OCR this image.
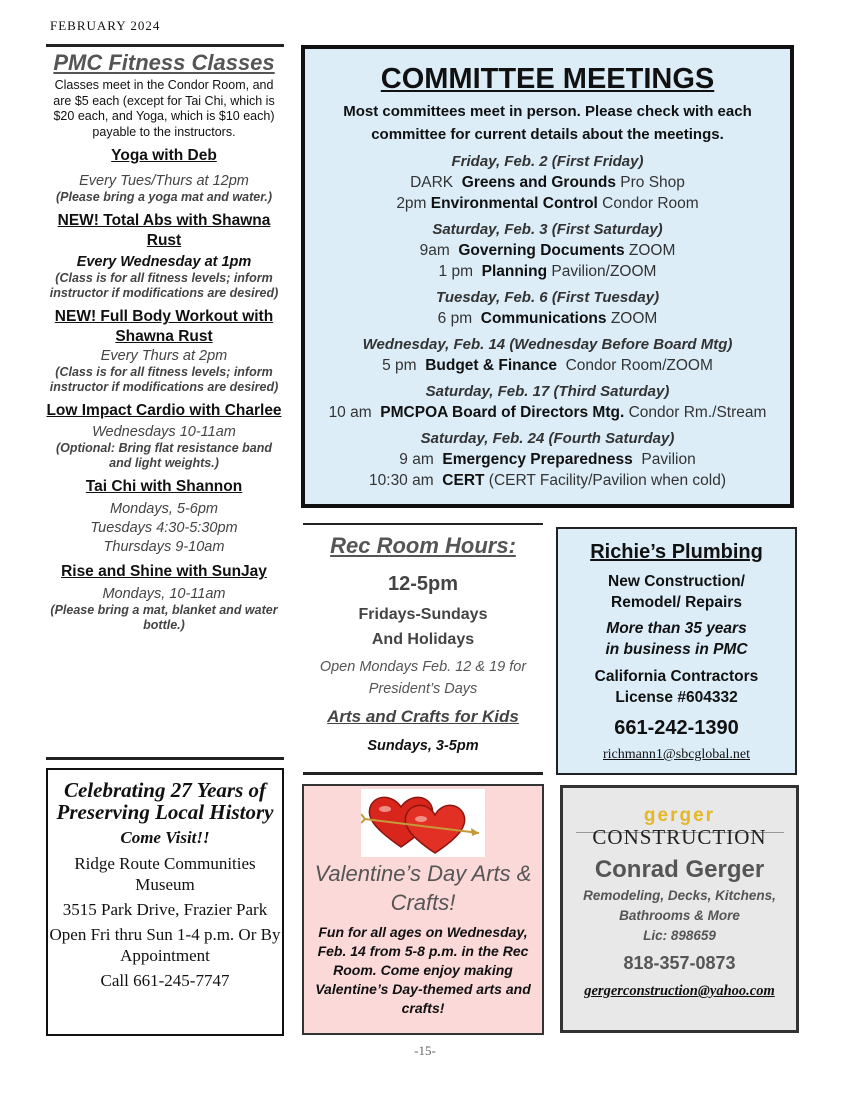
FEBRUARY 2024
PMC Fitness Classes
Classes meet in the Condor Room, and are $5 each (except for Tai Chi, which is $20 each, and Yoga, which is $10 each) payable to the instructors.
Yoga with Deb
Every Tues/Thurs at 12pm
(Please bring a yoga mat and water.)
NEW! Total Abs with Shawna Rust
Every Wednesday at 1pm
(Class is for all fitness levels; inform instructor if modifications are desired)
NEW! Full Body Workout with Shawna Rust
Every Thurs at 2pm
(Class is for all fitness levels; inform instructor if modifications are desired)
Low Impact Cardio with Charlee
Wednesdays 10-11am
(Optional: Bring flat resistance band and light weights.)
Tai Chi with Shannon
Mondays, 5-6pm
Tuesdays 4:30-5:30pm
Thursdays 9-10am
Rise and Shine with SunJay
Mondays, 10-11am
(Please bring a mat, blanket and water bottle.)
COMMITTEE MEETINGS
Most committees meet in person. Please check with each committee for current details about the meetings.
Friday, Feb. 2 (First Friday)
DARK Greens and Grounds Pro Shop
2pm Environmental Control Condor Room
Saturday, Feb. 3 (First Saturday)
9am Governing Documents ZOOM
1 pm Planning Pavilion/ZOOM
Tuesday, Feb. 6 (First Tuesday)
6 pm Communications ZOOM
Wednesday, Feb. 14 (Wednesday Before Board Mtg)
5 pm Budget & Finance Condor Room/ZOOM
Saturday, Feb. 17 (Third Saturday)
10 am PMCPOA Board of Directors Mtg. Condor Rm./Stream
Saturday, Feb. 24 (Fourth Saturday)
9 am Emergency Preparedness Pavilion
10:30 am CERT (CERT Facility/Pavilion when cold)
Rec Room Hours:
12-5pm
Fridays-Sundays
And Holidays
Open Mondays Feb. 12 & 19 for President’s Days
Arts and Crafts for Kids
Sundays, 3-5pm
Richie’s Plumbing
New Construction/
Remodel/ Repairs
More than 35 years
in business in PMC
California Contractors
License #604332
661-242-1390
richmann1@sbcglobal.net
Celebrating 27 Years of Preserving Local History
Come Visit!!
Ridge Route Communities Museum
3515 Park Drive, Frazier Park
Open Fri thru Sun 1-4 p.m. Or By Appointment
Call 661-245-7747
Valentine’s Day Arts & Crafts!
Fun for all ages on Wednesday, Feb. 14 from 5-8 p.m. in the Rec Room. Come enjoy making Valentine’s Day-themed arts and crafts!
gerger
CONSTRUCTION
Conrad Gerger
Remodeling, Decks, Kitchens, Bathrooms & More
Lic: 898659
818-357-0873
gergerconstruction@yahoo.com
-15-
